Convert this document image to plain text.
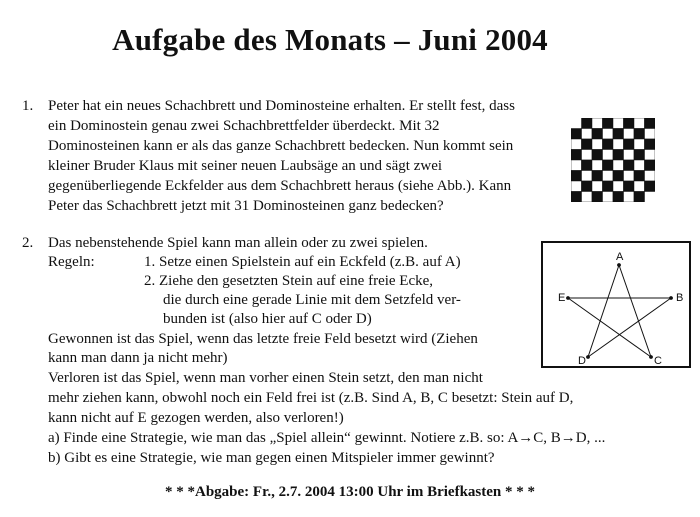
Aufgabe des Monats – Juni 2004
1. Peter hat ein neues Schachbrett und Dominosteine erhalten. Er stellt fest, dass
ein Dominostein genau zwei Schachbrettfelder überdeckt. Mit 32
Dominosteinen kann er als das ganze Schachbrett bedecken. Nun kommt sein
kleiner Bruder Klaus mit seiner neuen Laubsäge an und sägt zwei
gegenüberliegende Eckfelder aus dem Schachbrett heraus (siehe Abb.). Kann
Peter das Schachbrett jetzt mit 31 Dominosteinen ganz bedecken?
2. Das nebenstehende Spiel kann man allein oder zu zwei spielen.
Regeln:	1. Setze einen Spielstein auf ein Eckfeld (z.B. auf A)
2. Ziehe den gesetzten Stein auf eine freie Ecke,
die durch eine gerade Linie mit dem Setzfeld ver-
bunden ist (also hier auf C oder D)
Gewonnen ist das Spiel, wenn das letzte freie Feld besetzt wird (Ziehen
kann man dann ja nicht mehr)
Verloren ist das Spiel, wenn man vorher einen Stein setzt, den man nicht
mehr ziehen kann, obwohl noch ein Feld frei ist (z.B. Sind A, B, C besetzt: Stein auf D,
kann nicht auf E gezogen werden, also verloren!)
a) Finde eine Strategie, wie man das „Spiel allein“ gewinnt. Notiere z.B. so: A→C, B→D, ...
b) Gibt es eine Strategie, wie man gegen einen Mitspieler immer gewinnt?
A
B
C
D
E
* * *Abgabe: Fr., 2.7. 2004 13:00 Uhr im Briefkasten * * *
